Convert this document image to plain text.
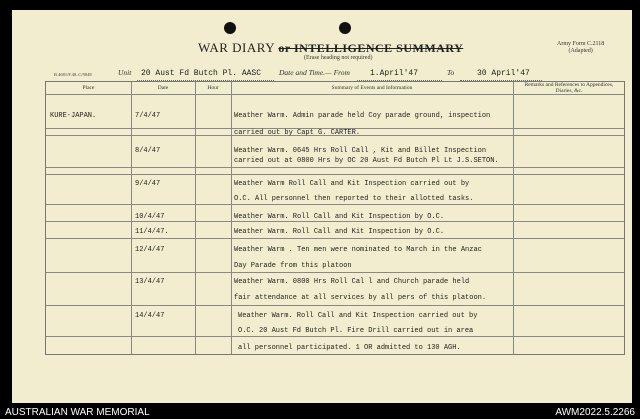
WAR DIARY or INTELLIGENCE SUMMARY
(Erase heading not required)
Army Form C.2118
(Adapted)
B.4681/F.48–C/9848	Unit 20 Aust Fd Butch Pl. AASC Date and Time.— From	1.April'47	To	30 April'47
Place	Date	Hour	Summary of Events and Information	Remarks and References to Appendices, Diaries, &c.
KURE-JAPAN.	7/4/47	Weather Warm. Admin parade held Coy parade ground, inspection
carried out by Capt G. CARTER.
8/4/47	Weather Warm. 0645 Hrs Roll Call , Kit and Billet Inspection
carried out at 0800 Hrs by OC 20 Aust Fd Butch Pl Lt J.S.SETON.
9/4/47	Weather Warm Roll Call and Kit Inspection carried out by
O.C. All personnel then reported to their allotted tasks.
10/4/47	Weather Warm. Roll Call and Kit Inspection by O.C.
11/4/47.	Weather Warm. Roll Call and Kit Inspection by O.C.
12/4/47	Weather Warm . Ten men were nominated to March in the Anzac
Day Parade from this platoon
13/4/47	Weather Warm. 0800 Hrs Roll Cal l and Church parade held
fair attendance at all services by all pers of this platoon.
14/4/47	Weather Warm. Roll Call and Kit Inspection carried out by
O.C. 20 Aust Fd Butch Pl. Fire Drill carried out in area
all personnel participated. 1 OR admitted to 130 AGH.
AUSTRALIAN WAR MEMORIAL	AWM2022.5.2266
